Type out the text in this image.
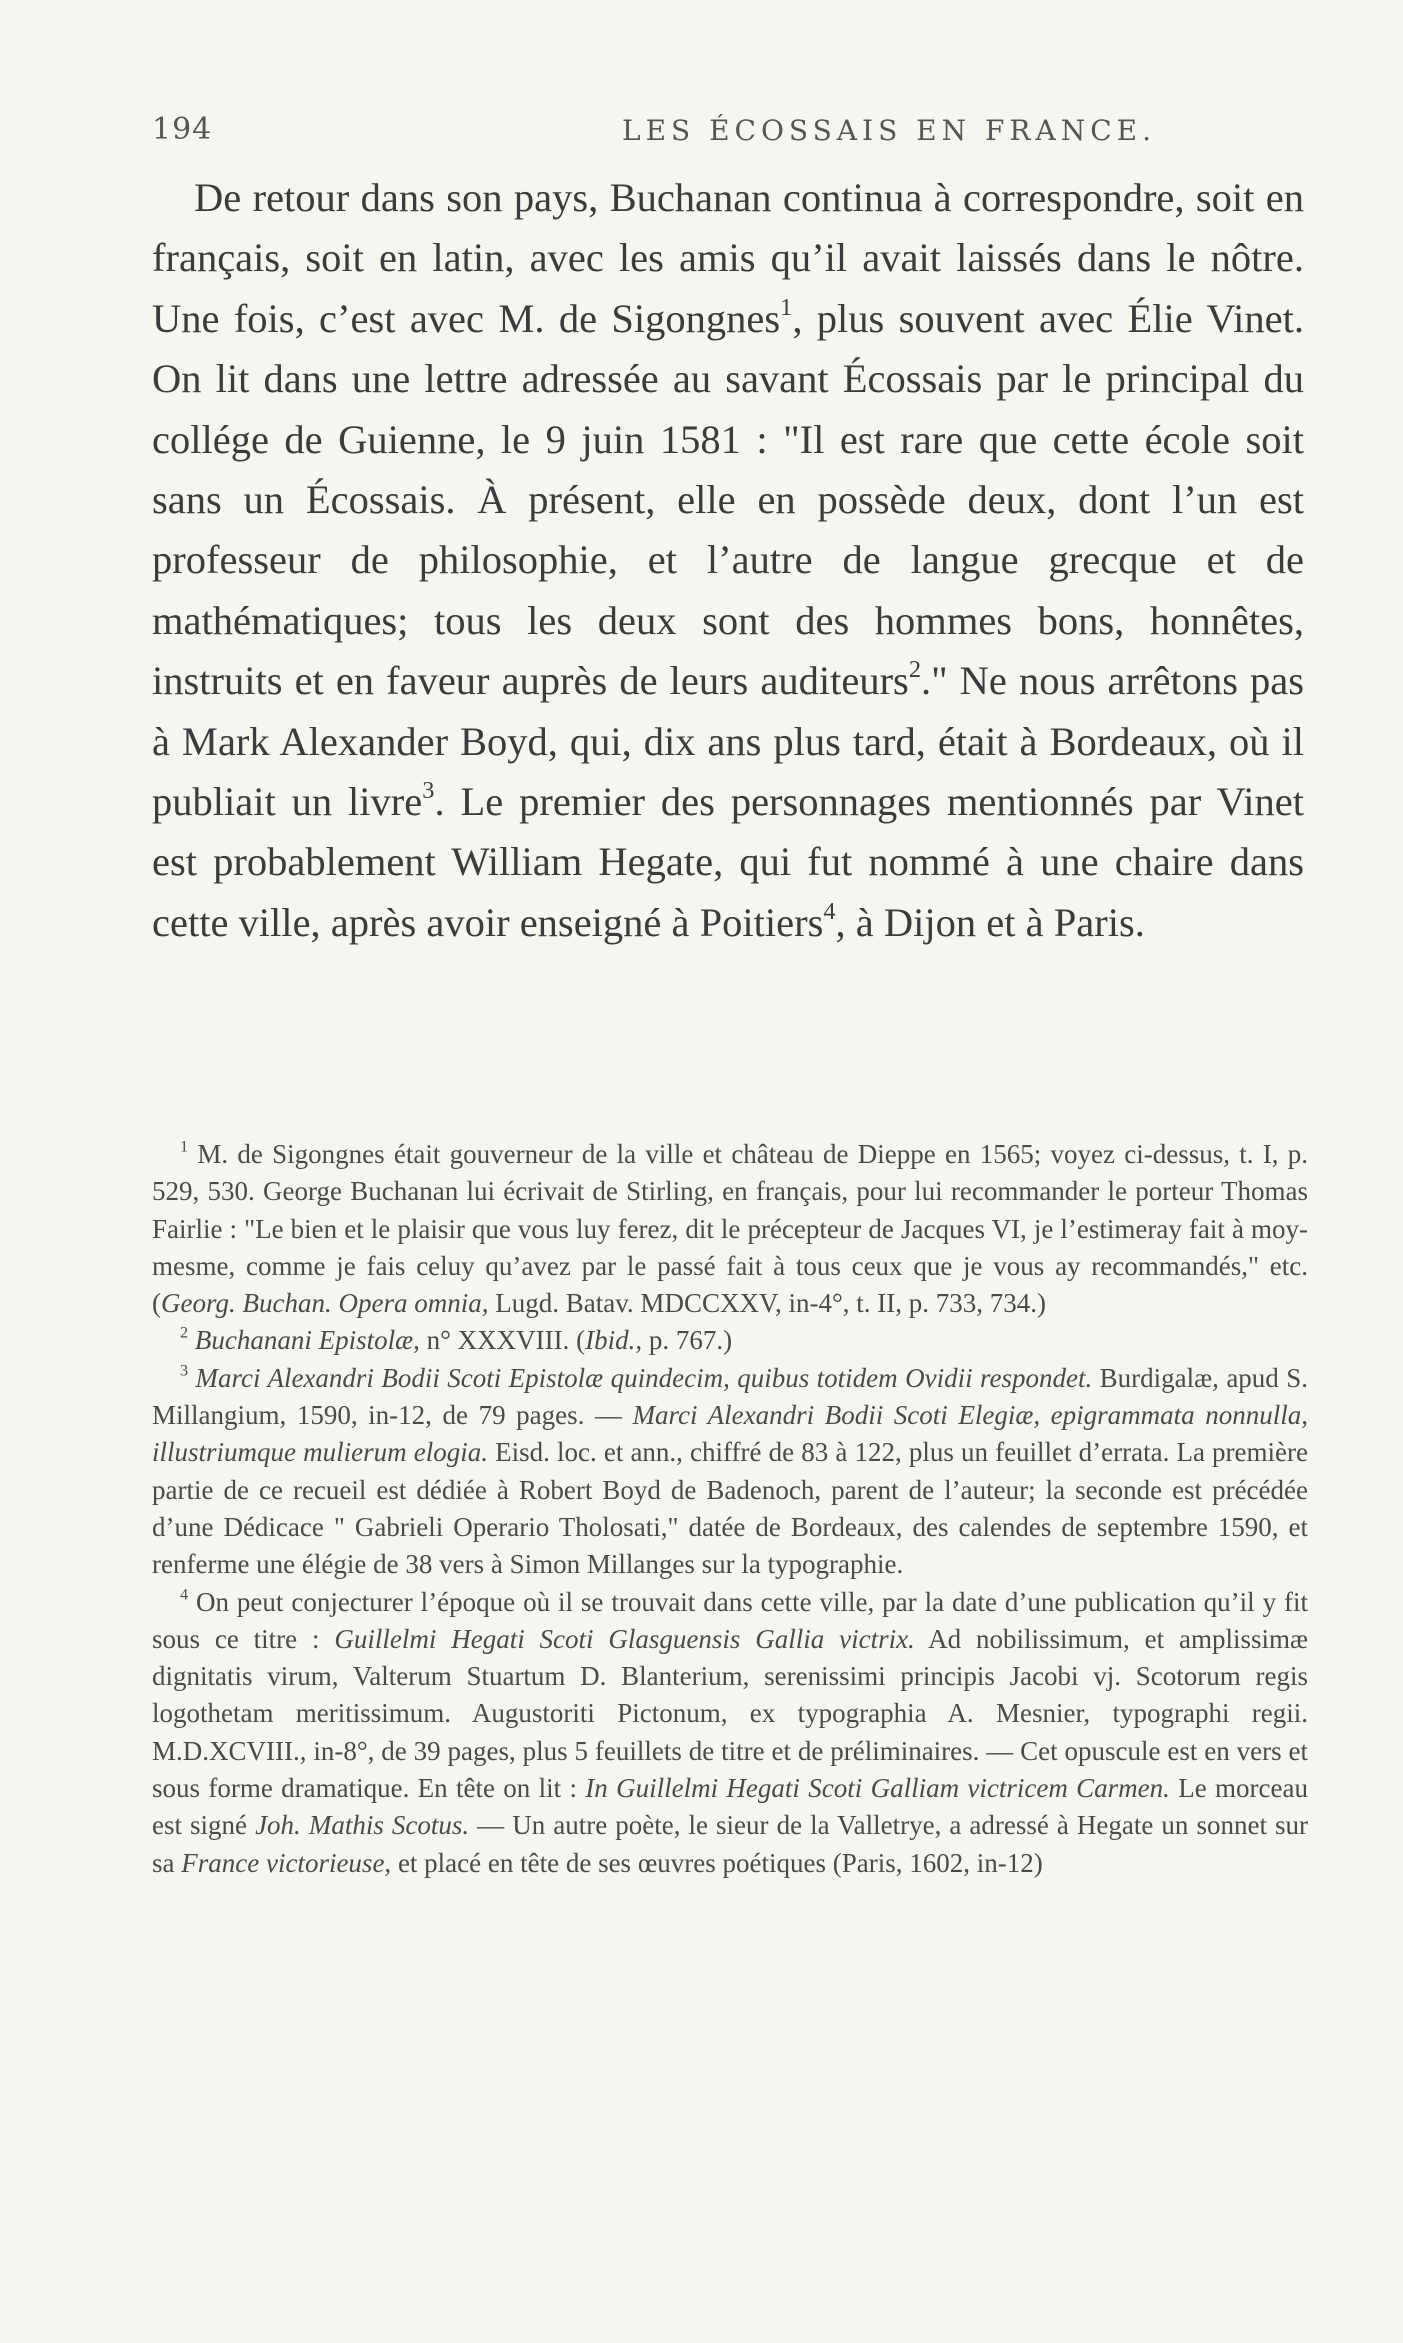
194	LES ÉCOSSAIS EN FRANCE.

De retour dans son pays, Buchanan continua à correspondre, soit en français, soit en latin, avec les amis qu’il avait laissés dans le nôtre. Une fois, c’est avec M. de Sigongnes$^1$, plus souvent avec Élie Vinet. On lit dans une lettre adressée au savant Écossais par le principal du collége de Guienne, le 9 juin 1581 : "Il est rare que cette école soit sans un Écossais. À présent, elle en possède deux, dont l’un est professeur de philosophie, et l’autre de langue grecque et de mathématiques; tous les deux sont des hommes bons, honnêtes, instruits et en faveur auprès de leurs auditeurs$^2$." Ne nous arrêtons pas à Mark Alexander Boyd, qui, dix ans plus tard, était à Bordeaux, où il publiait un livre$^3$. Le premier des personnages mentionnés par Vinet est probablement William Hegate, qui fut nommé à une chaire dans cette ville, après avoir enseigné à Poitiers$^4$, à Dijon et à Paris.

$^1$ M. de Sigongnes était gouverneur de la ville et château de Dieppe en 1565; voyez ci-dessus, t. I, p. 529, 530. George Buchanan lui écrivait de Stirling, en français, pour lui recommander le porteur Thomas Fairlie : "Le bien et le plaisir que vous luy ferez, dit le précepteur de Jacques VI, je l’estimeray fait à moy-mesme, comme je fais celuy qu’avez par le passé fait à tous ceux que je vous ay recommandés," etc. (Georg. Buchan. Opera omnia, Lugd. Batav. MDCCXXV, in-4°, t. II, p. 733, 734.)

$^2$ Buchanani Epistolæ, n° XXXVIII. (Ibid., p. 767.)

$^3$ Marci Alexandri Bodii Scoti Epistolæ quindecim, quibus totidem Ovidii respondet. Burdigalæ, apud S. Millangium, 1590, in-12, de 79 pages. — Marci Alexandri Bodii Scoti Elegiæ, epigrammata nonnulla, illustriumque mulierum elogia. Eisd. loc. et ann., chiffré de 83 à 122, plus un feuillet d’errata. La première partie de ce recueil est dédiée à Robert Boyd de Badenoch, parent de l’auteur; la seconde est précédée d’une Dédicace " Gabrieli Operario Tholosati," datée de Bordeaux, des calendes de septembre 1590, et renferme une élégie de 38 vers à Simon Millanges sur la typographie.

$^4$ On peut conjecturer l’époque où il se trouvait dans cette ville, par la date d’une publication qu’il y fit sous ce titre : Guillelmi Hegati Scoti Glasguensis Gallia victrix. Ad nobilissimum, et amplissimæ dignitatis virum, Valterum Stuartum D. Blanterium, serenissimi principis Jacobi vj. Scotorum regis logothetam meritissimum. Augustoriti Pictonum, ex typographia A. Mesnier, typographi regii. M.D.XCVIII., in-8°, de 39 pages, plus 5 feuillets de titre et de préliminaires. — Cet opuscule est en vers et sous forme dramatique. En tête on lit : In Guillelmi Hegati Scoti Galliam victricem Carmen. Le morceau est signé Joh. Mathis Scotus. — Un autre poète, le sieur de la Valletrye, a adressé à Hegate un sonnet sur sa France victorieuse, et placé en tête de ses œuvres poétiques (Paris, 1602, in-12)
